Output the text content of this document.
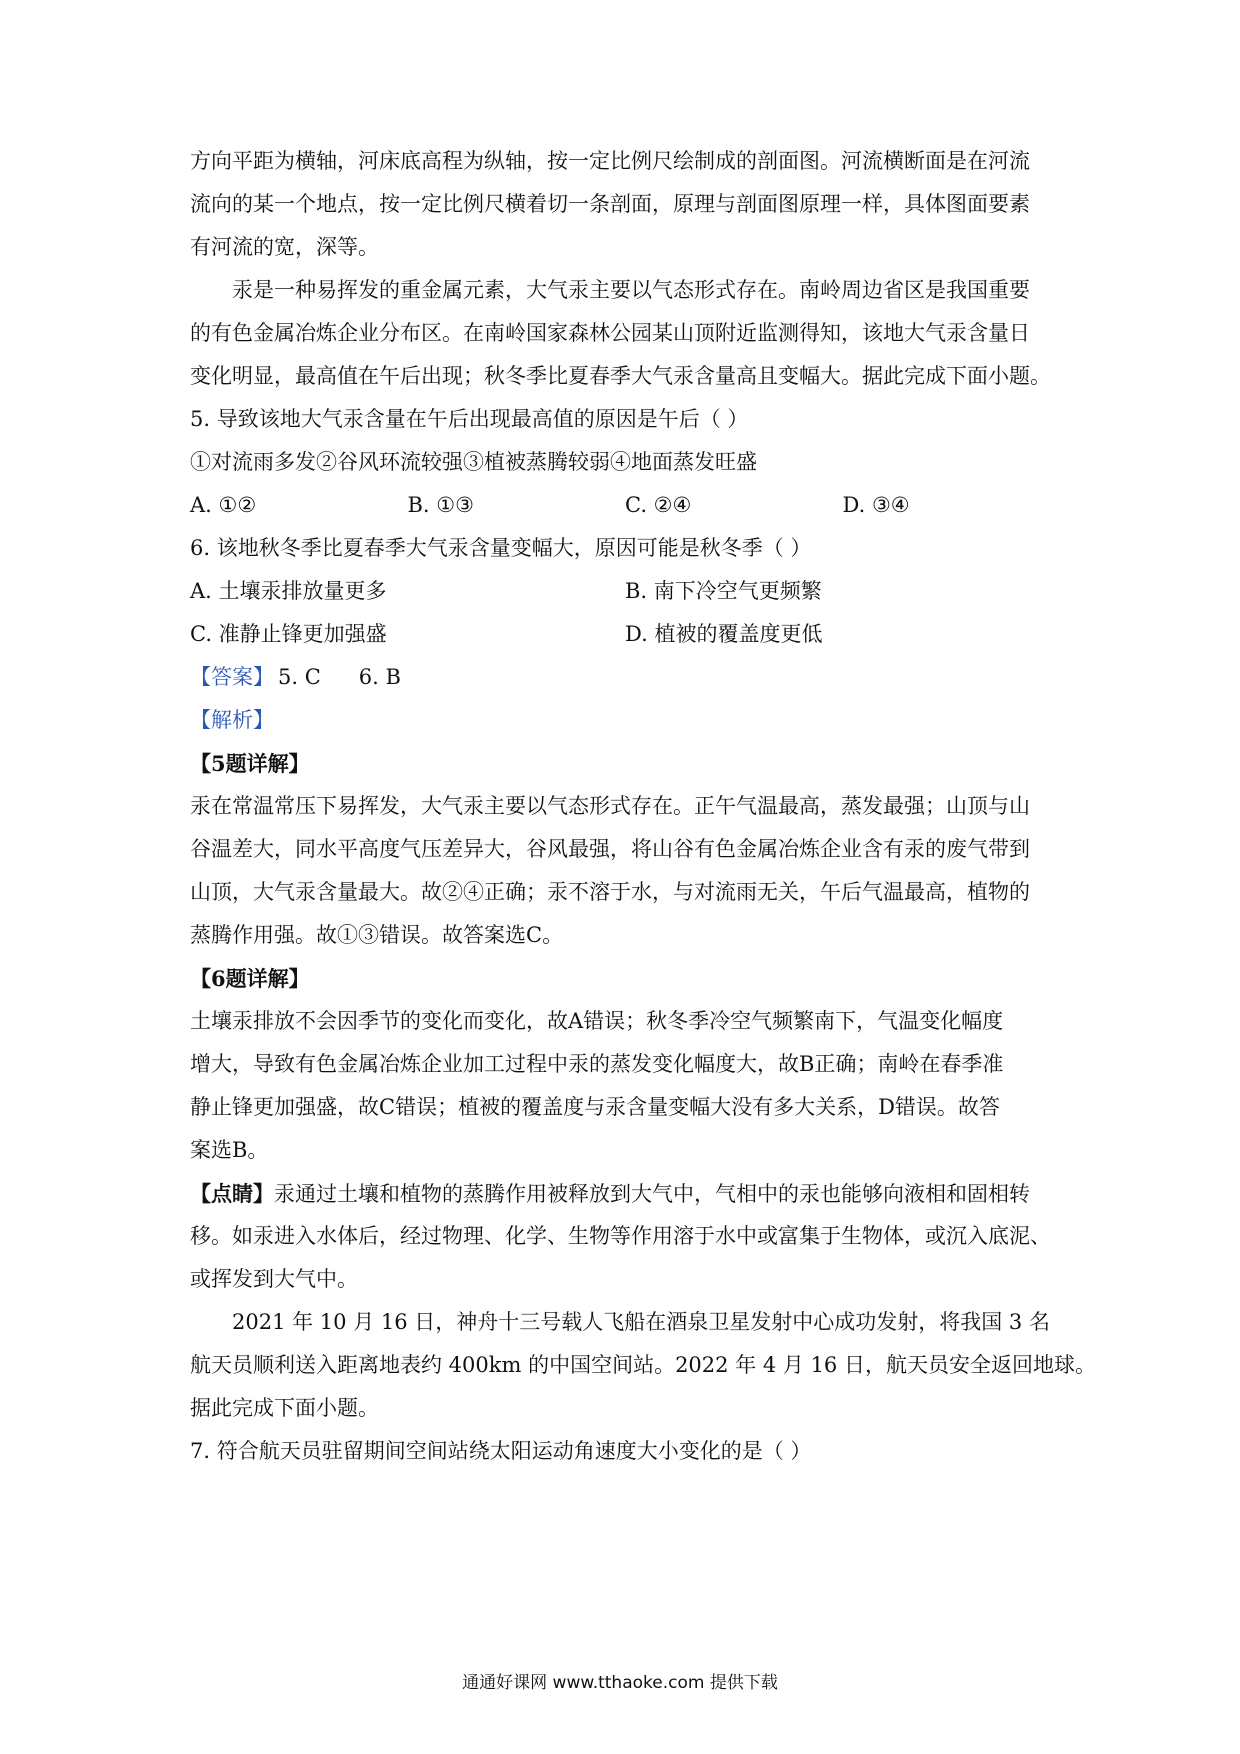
方向平距为横轴，河床底高程为纵轴，按一定比例尺绘制成的剖面图。河流横断面是在河流
流向的某一个地点，按一定比例尺横着切一条剖面，原理与剖面图原理一样，具体图面要素
有河流的宽，深等。
汞是一种易挥发的重金属元素，大气汞主要以气态形式存在。南岭周边省区是我国重要
的有色金属冶炼企业分布区。在南岭国家森林公园某山顶附近监测得知，该地大气汞含量日
变化明显，最高值在午后出现；秋冬季比夏春季大气汞含量高且变幅大。据此完成下面小题。
5. 导致该地大气汞含量在午后出现最高值的原因是午后（ ）
①对流雨多发②谷风环流较强③植被蒸腾较弱④地面蒸发旺盛
A. ①②	B. ①③	C. ②④	D. ③④
6. 该地秋冬季比夏春季大气汞含量变幅大，原因可能是秋冬季（ ）
A. 土壤汞排放量更多	B. 南下冷空气更频繁
C. 准静止锋更加强盛	D. 植被的覆盖度更低
【答案】 5. C 6. B
【解析】
【5题详解】
汞在常温常压下易挥发，大气汞主要以气态形式存在。正午气温最高，蒸发最强；山顶与山
谷温差大，同水平高度气压差异大，谷风最强，将山谷有色金属冶炼企业含有汞的废气带到
山顶，大气汞含量最大。故②④正确；汞不溶于水，与对流雨无关，午后气温最高，植物的
蒸腾作用强。故①③错误。故答案选C。
【6题详解】
土壤汞排放不会因季节的变化而变化，故A错误；秋冬季冷空气频繁南下，气温变化幅度
增大，导致有色金属冶炼企业加工过程中汞的蒸发变化幅度大，故B正确；南岭在春季准
静止锋更加强盛，故C错误；植被的覆盖度与汞含量变幅大没有多大关系，D错误。故答
案选B。
【点睛】汞通过土壤和植物的蒸腾作用被释放到大气中，气相中的汞也能够向液相和固相转
移。如汞进入水体后，经过物理、化学、生物等作用溶于水中或富集于生物体，或沉入底泥、
或挥发到大气中。
2021 年 10 月 16 日，神舟十三号载人飞船在酒泉卫星发射中心成功发射，将我国 3 名
航天员顺利送入距离地表约 400km 的中国空间站。2022 年 4 月 16 日，航天员安全返回地球。
据此完成下面小题。
7. 符合航天员驻留期间空间站绕太阳运动角速度大小变化的是（ ）
通通好课网 www.tthaoke.com 提供下载
